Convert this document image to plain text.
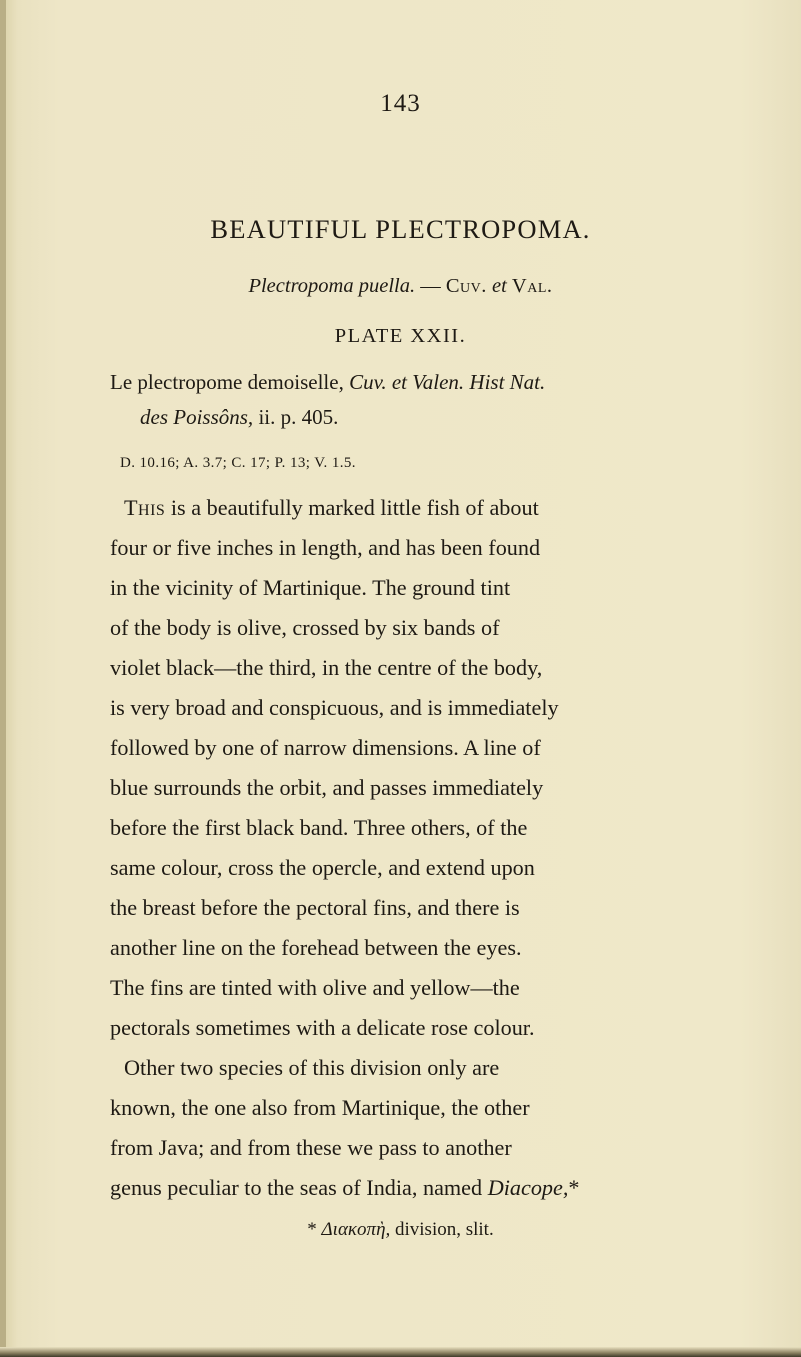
143
BEAUTIFUL PLECTROPOMA.
Plectropoma puella. — Cuv. et Val.
PLATE XXII.
Le plectropome demoiselle, Cuv. et Valen. Hist Nat.
des Poissôns, ii. p. 405.
D. 10.16; A. 3.7; C. 17; P. 13; V. 1.5.
This is a beautifully marked little fish of about
four or five inches in length, and has been found
in the vicinity of Martinique. The ground tint
of the body is olive, crossed by six bands of
violet black—the third, in the centre of the body,
is very broad and conspicuous, and is immediately
followed by one of narrow dimensions. A line of
blue surrounds the orbit, and passes immediately
before the first black band. Three others, of the
same colour, cross the opercle, and extend upon
the breast before the pectoral fins, and there is
another line on the forehead between the eyes.
The fins are tinted with olive and yellow—the
pectorals sometimes with a delicate rose colour.
Other two species of this division only are
known, the one also from Martinique, the other
from Java; and from these we pass to another
genus peculiar to the seas of India, named Diacope,*
* Διακοπὴ, division, slit.
